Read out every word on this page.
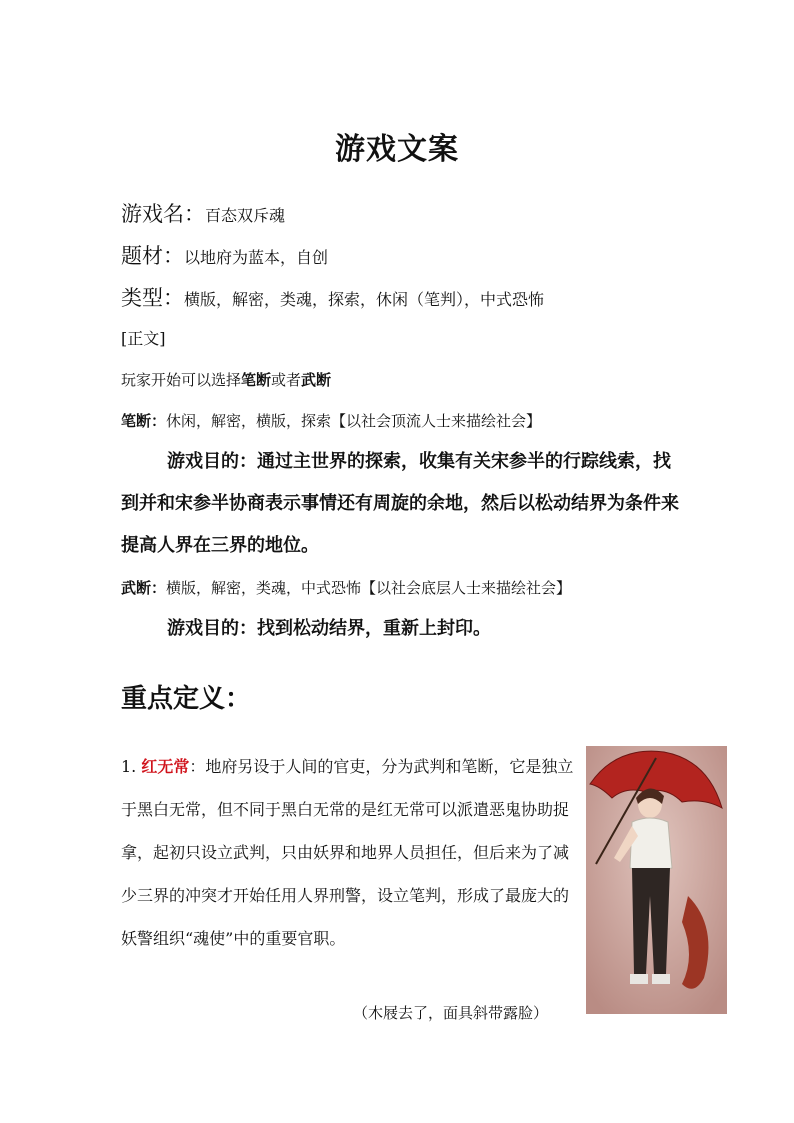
游戏文案
游戏名：百态双斥魂
题材：以地府为蓝本，自创
类型：横版，解密，类魂，探索，休闲（笔判），中式恐怖
[正文]
玩家开始可以选择笔断或者武断
笔断：休闲，解密，横版，探索【以社会顶流人士来描绘社会】

游戏目的：通过主世界的探索，收集有关宋参半的行踪线索，找到并和宋参半协商表示事情还有周旋的余地，然后以松动结界为条件来提高人界在三界的地位。

武断：横版，解密，类魂，中式恐怖【以社会底层人士来描绘社会】

游戏目的：找到松动结界，重新上封印。

重点定义：

1. 红无常：地府另设于人间的官吏，分为武判和笔断，它是独立于黑白无常，但不同于黑白无常的是红无常可以派遣恶鬼协助捉拿，起初只设立武判，只由妖界和地界人员担任，但后来为了减少三界的冲突才开始任用人界刑警，设立笔判，形成了最庞大的妖警组织“魂使”中的重要官职。

（木屐去了，面具斜带露脸）
